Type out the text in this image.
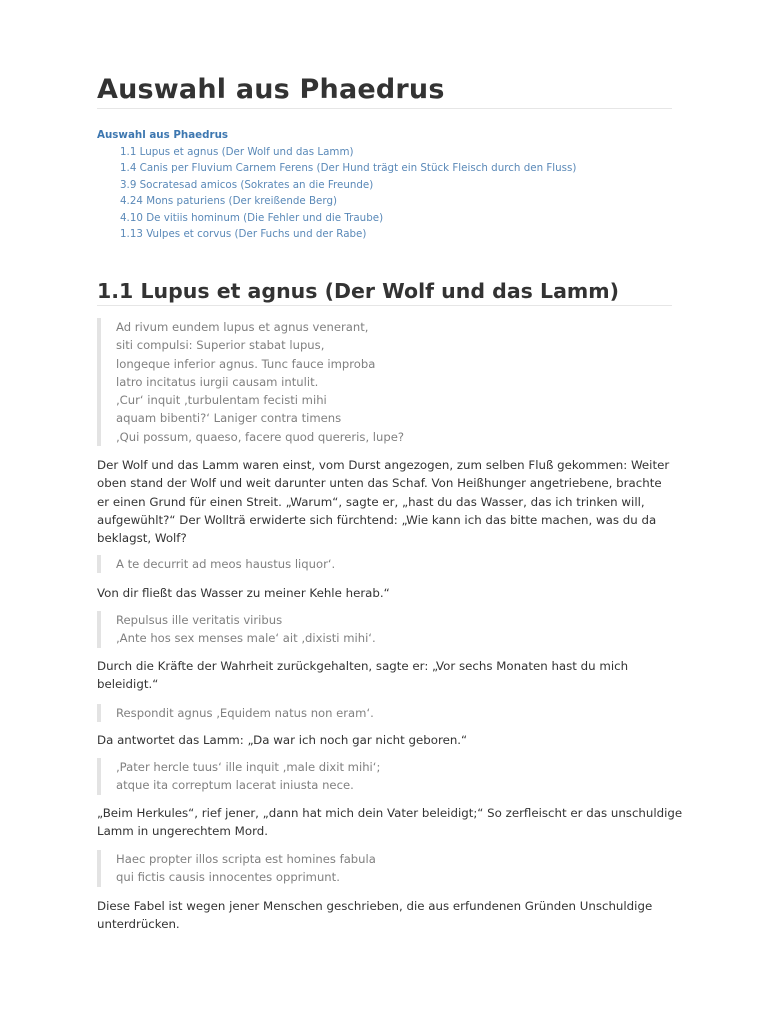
Auswahl aus Phaedrus
Auswahl aus Phaedrus
1.1 Lupus et agnus (Der Wolf und das Lamm)
1.4 Canis per Fluvium Carnem Ferens (Der Hund trägt ein Stück Fleisch durch den Fluss)
3.9 Socratesad amicos (Sokrates an die Freunde)
4.24 Mons paturiens (Der kreißende Berg)
4.10 De vitiis hominum (Die Fehler und die Traube)
1.13 Vulpes et corvus (Der Fuchs und der Rabe)
1.1 Lupus et agnus (Der Wolf und das Lamm)
Ad rivum eundem lupus et agnus venerant,
siti compulsi: Superior stabat lupus,
longeque inferior agnus. Tunc fauce improba
latro incitatus iurgii causam intulit.
‚Cur‘ inquit ‚turbulentam fecisti mihi
aquam bibenti?‘ Laniger contra timens
‚Qui possum, quaeso, facere quod quereris, lupe?
Der Wolf und das Lamm waren einst, vom Durst angezogen, zum selben Fluß gekommen: Weiter
oben stand der Wolf und weit darunter unten das Schaf. Von Heißhunger angetriebene, brachte
er einen Grund für einen Streit. „Warum“, sagte er, „hast du das Wasser, das ich trinken will,
aufgewühlt?“ Der Wollträ erwiderte sich fürchtend: „Wie kann ich das bitte machen, was du da
beklagst, Wolf?
A te decurrit ad meos haustus liquor‘.
Von dir fließt das Wasser zu meiner Kehle herab.“
Repulsus ille veritatis viribus
‚Ante hos sex menses male‘ ait ‚dixisti mihi‘.
Durch die Kräfte der Wahrheit zurückgehalten, sagte er: „Vor sechs Monaten hast du mich
beleidigt.“
Respondit agnus ‚Equidem natus non eram‘.
Da antwortet das Lamm: „Da war ich noch gar nicht geboren.“
‚Pater hercle tuus‘ ille inquit ‚male dixit mihi‘;
atque ita correptum lacerat iniusta nece.
„Beim Herkules“, rief jener, „dann hat mich dein Vater beleidigt;“ So zerfleischt er das unschuldige
Lamm in ungerechtem Mord.
Haec propter illos scripta est homines fabula
qui fictis causis innocentes opprimunt.
Diese Fabel ist wegen jener Menschen geschrieben, die aus erfundenen Gründen Unschuldige
unterdrücken.
